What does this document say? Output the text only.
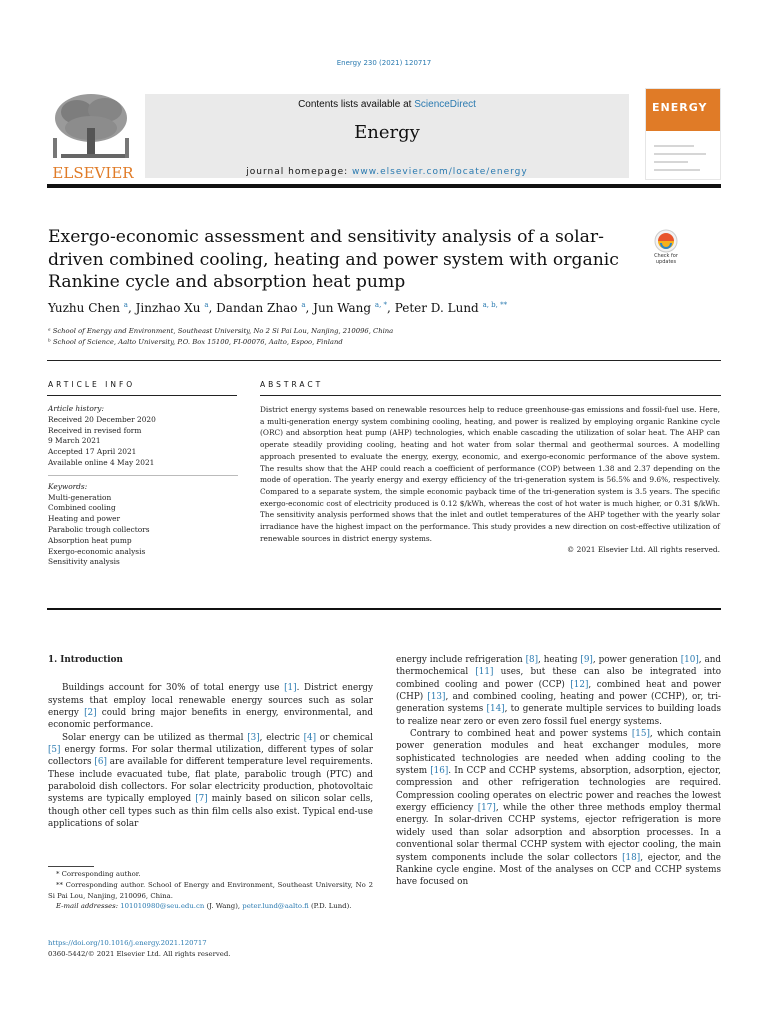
Energy 230 (2021) 120717
ELSEVIER
Contents lists available at ScienceDirect
Energy
journal homepage: www.elsevier.com/locate/energy
ENERGY
Exergo-economic assessment and sensitivity analysis of a solar-driven combined cooling, heating and power system with organic Rankine cycle and absorption heat pump
Check for updates
Yuzhu Chen $^a$, Jinzhao Xu $^a$, Dandan Zhao $^a$, Jun Wang $^{a, *}$, Peter D. Lund $^{a, b, **}$
ᵃ School of Energy and Environment, Southeast University, No 2 Si Pai Lou, Nanjing, 210096, China
ᵇ School of Science, Aalto University, P.O. Box 15100, FI-00076, Aalto, Espoo, Finland
ARTICLE INFO	ABSTRACT
Article history:
Received 20 December 2020
Received in revised form
9 March 2021
Accepted 17 April 2021
Available online 4 May 2021
Keywords:
Multi-generation
Combined cooling
Heating and power
Parabolic trough collectors
Absorption heat pump
Exergo-economic analysis
Sensitivity analysis
District energy systems based on renewable resources help to reduce greenhouse-gas emissions and fossil-fuel use. Here, a multi-generation energy system combining cooling, heating, and power is realized by employing organic Rankine cycle (ORC) and absorption heat pump (AHP) technologies, which enable cascading the utilization of solar heat. The AHP can operate steadily providing cooling, heating and hot water from solar thermal and geothermal sources. A modelling approach presented to evaluate the energy, exergy, economic, and exergo-economic performance of the above system. The results show that the AHP could reach a coefficient of performance (COP) between 1.38 and 2.37 depending on the mode of operation. The yearly energy and exergy efficiency of the tri-generation system is 56.5% and 9.6%, respectively. Compared to a separate system, the simple economic payback time of the tri-generation system is 3.5 years. The specific exergo-economic cost of electricity produced is 0.12 $/kWh, whereas the cost of hot water is much higher, or 0.31 $/kWh. The sensitivity analysis performed shows that the inlet and outlet temperatures of the AHP together with the yearly solar irradiance have the highest impact on the performance. This study provides a new direction on cost-effective utilization of renewable sources in district energy systems.
© 2021 Elsevier Ltd. All rights reserved.

1. Introduction

Buildings account for 30% of total energy use [1]. District energy systems that employ local renewable energy sources such as solar energy [2] could bring major benefits in energy, environmental, and economic performance.

Solar energy can be utilized as thermal [3], electric [4] or chemical [5] energy forms. For solar thermal utilization, different types of solar collectors [6] are available for different temperature level requirements. These include evacuated tube, flat plate, parabolic trough (PTC) and paraboloid dish collectors. For solar electricity production, photovoltaic systems are typically employed [7] mainly based on silicon solar cells, though other cell types such as thin film cells also exist. Typical end-use applications of solar

energy include refrigeration [8], heating [9], power generation [10], and thermochemical [11] uses, but these can also be integrated into combined cooling and power (CCP) [12], combined heat and power (CHP) [13], and combined cooling, heating and power (CCHP), or, tri-generation systems [14], to generate multiple services to building loads to realize near zero or even zero fossil fuel energy systems.

Contrary to combined heat and power systems [15], which contain power generation modules and heat exchanger modules, more sophisticated technologies are needed when adding cooling to the system [16]. In CCP and CCHP systems, absorption, adsorption, ejector, compression and other refrigeration technologies are required. Compression cooling operates on electric power and reaches the lowest exergy efficiency [17], while the other three methods employ thermal energy. In solar-driven CCHP systems, ejector refrigeration is more widely used than solar adsorption and absorption processes. In a conventional solar thermal CCHP system with ejector cooling, the main system components include the solar collectors [18], ejector, and the Rankine cycle engine. Most of the analyses on CCP and CCHP systems have focused on

* Corresponding author.

** Corresponding author. School of Energy and Environment, Southeast University, No 2 Si Pai Lou, Nanjing, 210096, China.

E-mail addresses: 101010980@seu.edu.cn (J. Wang), peter.lund@aalto.fi (P.D. Lund).

https://doi.org/10.1016/j.energy.2021.120717
0360-5442/© 2021 Elsevier Ltd. All rights reserved.
